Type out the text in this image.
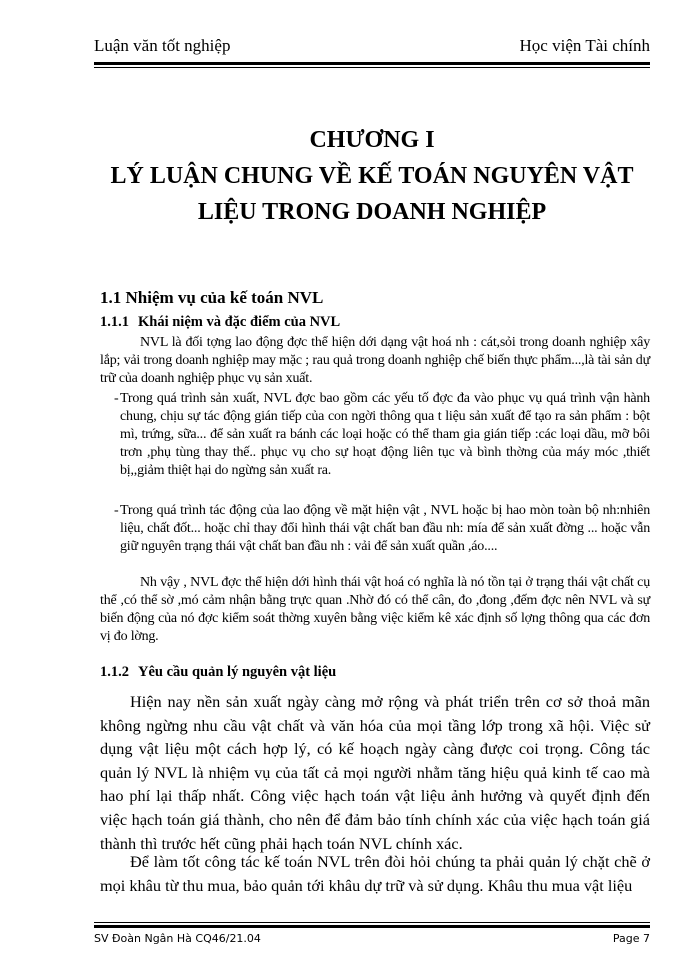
Luận văn tốt nghiệp	Học viện Tài chính
CHƯƠNG I
LÝ LUẬN CHUNG VỀ KẾ TOÁN NGUYÊN VẬT
LIỆU TRONG DOANH NGHIỆP
1.1 Nhiệm vụ của kế toán NVL
1.1.1 Khái niệm và đặc điểm của NVL

NVL là đối tợng lao động đợc thể hiện dới dạng vật hoá nh : cát,sỏi trong doanh nghiệp xây lắp; vải trong doanh nghiệp may mặc ; rau quả trong doanh nghiệp chế biến thực phẩm...,là tài sản dự trữ của doanh nghiệp phục vụ sản xuất.

- Trong quá trình sản xuất, NVL đợc bao gồm các yếu tố đợc đa vào phục vụ quá trình vận hành chung, chịu sự tác động gián tiếp của con ngời thông qua t liệu sản xuất để tạo ra sản phẩm : bột mì, trứng, sữa... để sản xuất ra bánh các loại hoặc có thể tham gia gián tiếp :các loại dầu, mỡ bôi trơn ,phụ tùng thay thế.. phục vụ cho sự hoạt động liên tục và bình thờng của máy móc ,thiết bị,,giảm thiệt hại do ngừng sản xuất ra.
- Trong quá trình tác động của lao động về mặt hiện vật , NVL hoặc bị hao mòn toàn bộ nh:nhiên liệu, chất đốt... hoặc chỉ thay đổi hình thái vật chất ban đầu nh: mía để sản xuất đờng ... hoặc vẫn giữ nguyên trạng thái vật chất ban đầu nh : vải để sản xuất quần ,áo....

Nh vậy , NVL đợc thể hiện dới hình thái vật hoá có nghĩa là nó tồn tại ở trạng thái vật chất cụ thể ,có thể sờ ,mó cảm nhận bằng trực quan .Nhờ đó có thể cân, đo ,đong ,đếm đợc nên NVL và sự biến động của nó đợc kiểm soát thờng xuyên bằng việc kiểm kê xác định số lợng thông qua các đơn vị đo lờng.

1.1.2 Yêu cầu quản lý nguyên vật liệu

Hiện nay nền sản xuất ngày càng mở rộng và phát triển trên cơ sở thoả mãn không ngừng nhu cầu vật chất và văn hóa của mọi tầng lớp trong xã hội. Việc sử dụng vật liệu một cách hợp lý, có kế hoạch ngày càng được coi trọng. Công tác quản lý NVL là nhiệm vụ của tất cả mọi người nhằm tăng hiệu quả kinh tế cao mà hao phí lại thấp nhất. Công việc hạch toán vật liệu ảnh hưởng và quyết định đến việc hạch toán giá thành, cho nên để đảm bảo tính chính xác của việc hạch toán giá thành thì trước hết cũng phải hạch toán NVL chính xác.

Để làm tốt công tác kế toán NVL trên đòi hỏi chúng ta phải quản lý chặt chẽ ở mọi khâu từ thu mua, bảo quản tới khâu dự trữ và sử dụng. Khâu thu mua vật liệu

SV Đoàn Ngân Hà CQ46/21.04	Page 7
